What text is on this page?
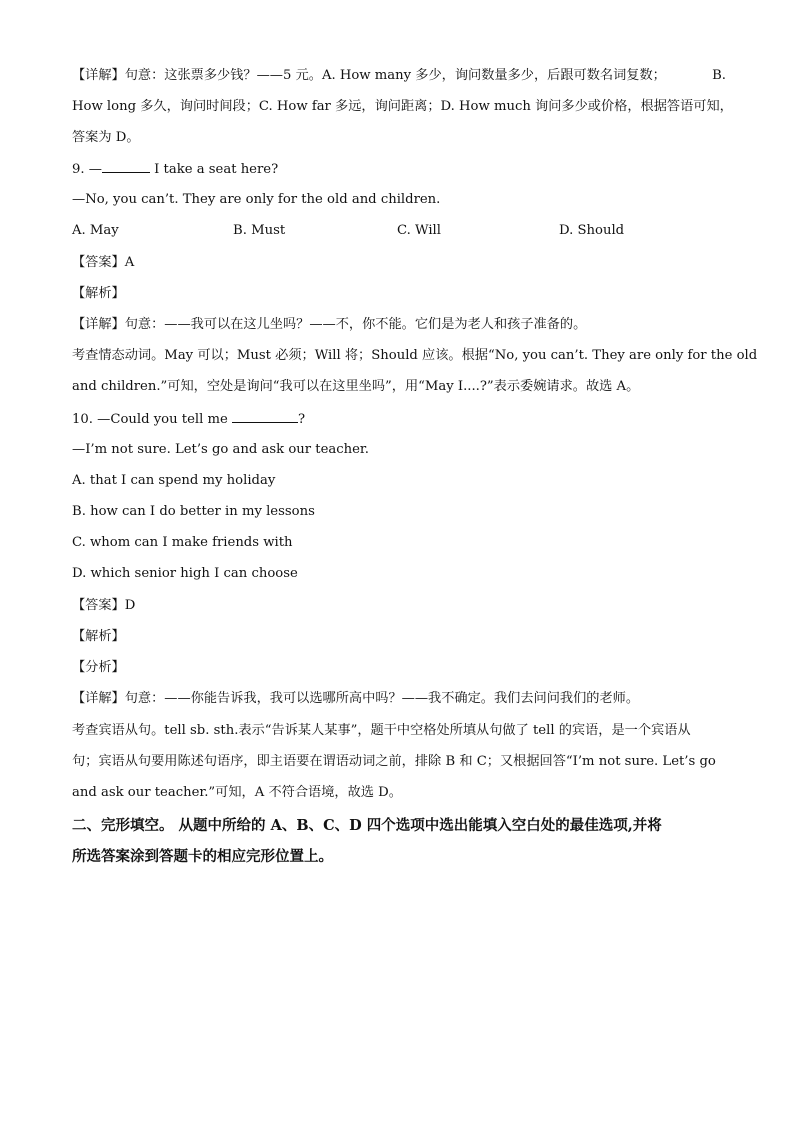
【详解】句意：这张票多少钱？——5 元。A. How many 多少，询问数量多少，后跟可数名词复数；	B.
How long 多久，询问时间段；C. How far 多远，询问距离；D. How much 询问多少或价格，根据答语可知，
答案为 D。
9. —	I take a seat here?
—No, you can’t. They are only for the old and children.
A. May	B. Must	C. Will	D. Should
【答案】A
【解析】
【详解】句意：——我可以在这儿坐吗？——不，你不能。它们是为老人和孩子准备的。
考查情态动词。May 可以；Must 必须；Will 将；Should 应该。根据“No, you can’t. They are only for the old
and children.”可知，空处是询问“我可以在这里坐吗”，用“May I....?”表示委婉请求。故选 A。
10. —Could you tell me	?
—I’m not sure. Let’s go and ask our teacher.
A. that I can spend my holiday
B. how can I do better in my lessons
C. whom can I make friends with
D. which senior high I can choose
【答案】D
【解析】
【分析】
【详解】句意：——你能告诉我，我可以选哪所高中吗？——我不确定。我们去问问我们的老师。
考查宾语从句。tell sb. sth.表示“告诉某人某事”，题干中空格处所填从句做了 tell 的宾语，是一个宾语从
句；宾语从句要用陈述句语序，即主语要在谓语动词之前，排除 B 和 C；又根据回答“I’m not sure. Let’s go
and ask our teacher.”可知，A 不符合语境，故选 D。
二、完形填空。 从题中所给的 A、B、C、D 四个选项中选出能填入空白处的最佳选项,并将
所选答案涂到答题卡的相应完形位置上。
